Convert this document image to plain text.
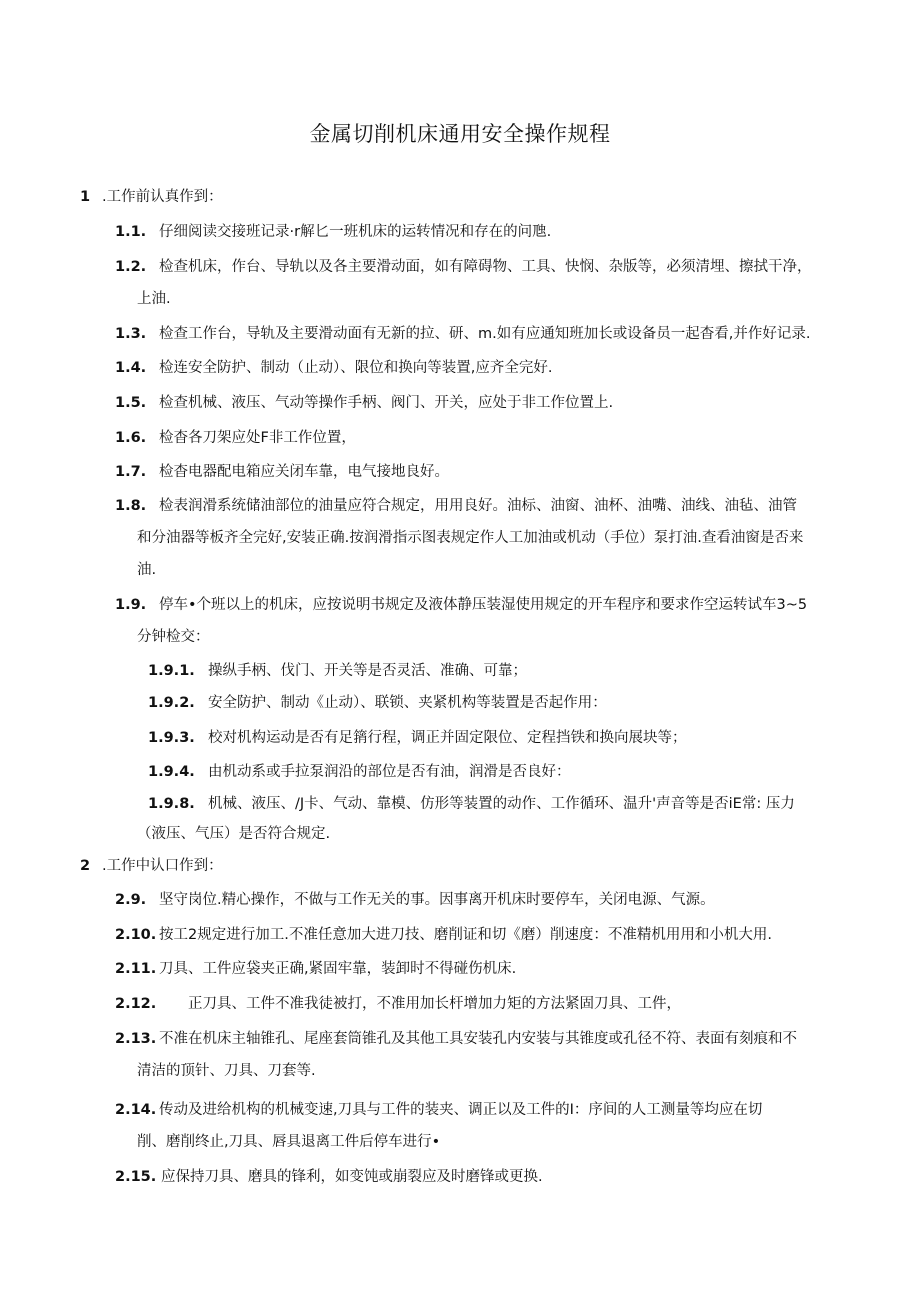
金属切削机床通用安全操作规程
1 .工作前认真作到：
1.1. 仔细阅读交接班记录·r解匕一班机床的运转情况和存在的问虺.
1.2. 检查机床，作台、导轨以及各主要滑动面，如有障碍物、工具、快悯、杂版等，必须清埋、擦拭干净，
上油.
1.3. 检查工作台，导轨及主要滑动面有无新的拉、研、m.如有应通知班加长或设备员一起杳看,并作好记录.
1.4. 检连安全防护、制动（止动）、限位和换向等装置,应齐全完好.
1.5. 检查机械、液压、气动等操作手柄、阀门、开关，应处于非工作位置上.
1.6. 检杳各刀架应处F非工作位置，
1.7. 检杳电器配电箱应关闭车靠，电气接地良好。
1.8. 检表润滑系统储油部位的油量应符合规定，用用良好。油标、油窗、油杯、油嘴、油线、油毡、油管
和分油器等板齐全完好,安装正确.按润滑指示图表规定作人工加油或机动（手位）泵打油.查看油窗是否来
油.
1.9. 停车•个班以上的机床，应按说明书规定及液体静压装湿使用规定的开车程序和要求作空运转试车3~5
分钟检交：
1.9.1. 操纵手柄、伐门、开关等是否灵活、准确、可靠；
1.9.2. 安全防护、制动《止动）、联锁、夹紧机构等装置是否起作用：
1.9.3. 校对机构运动是否有足䈰行程，调正并固定限位、定程挡铁和换向展块等；
1.9.4. 由机动系或手拉泵润沿的部位是否有油，润滑是否良好：
1.9.8. 机械、液压、/J卡、气动、靠模、仿形等装置的动作、工作循环、温升'声音等是否iE常: 压力
（液压、气压）是否符合规定.
2 .工作中认口作到：
2.9. 坚守岗位.精心操作，不做与工作无关的事。因事离开机床时要停车，关闭电源、气源。
2.10. 按工2规定进行加工.不准任意加大进刀技、磨削证和切《磨）削速度：不准精机用用和小机大用.
2.11. 刀具、工件应袋夹正确,紧固牢靠，装卸时不得碰伤机床.
2.12. 正刀具、工件不准我徒被打，不准用加长杆增加力矩的方法紧固刀具、工件，
2.13. 不准在机床主轴锥孔、尾座套筒锥孔及其他工具安装孔内安装与其锥度或孔径不符、表面有刻痕和不
清洁的顶针、刀具、刀套等.
2.14. 传动及进给机构的机械变速,刀具与工件的装夹、调正以及工件的I：序间的人工测量等均应在切
削、磨削终止,刀具、唇具退离工件后停车进行•
2.15. 应保持刀具、磨具的锋利，如变饨或崩裂应及时磨锋或更换.
